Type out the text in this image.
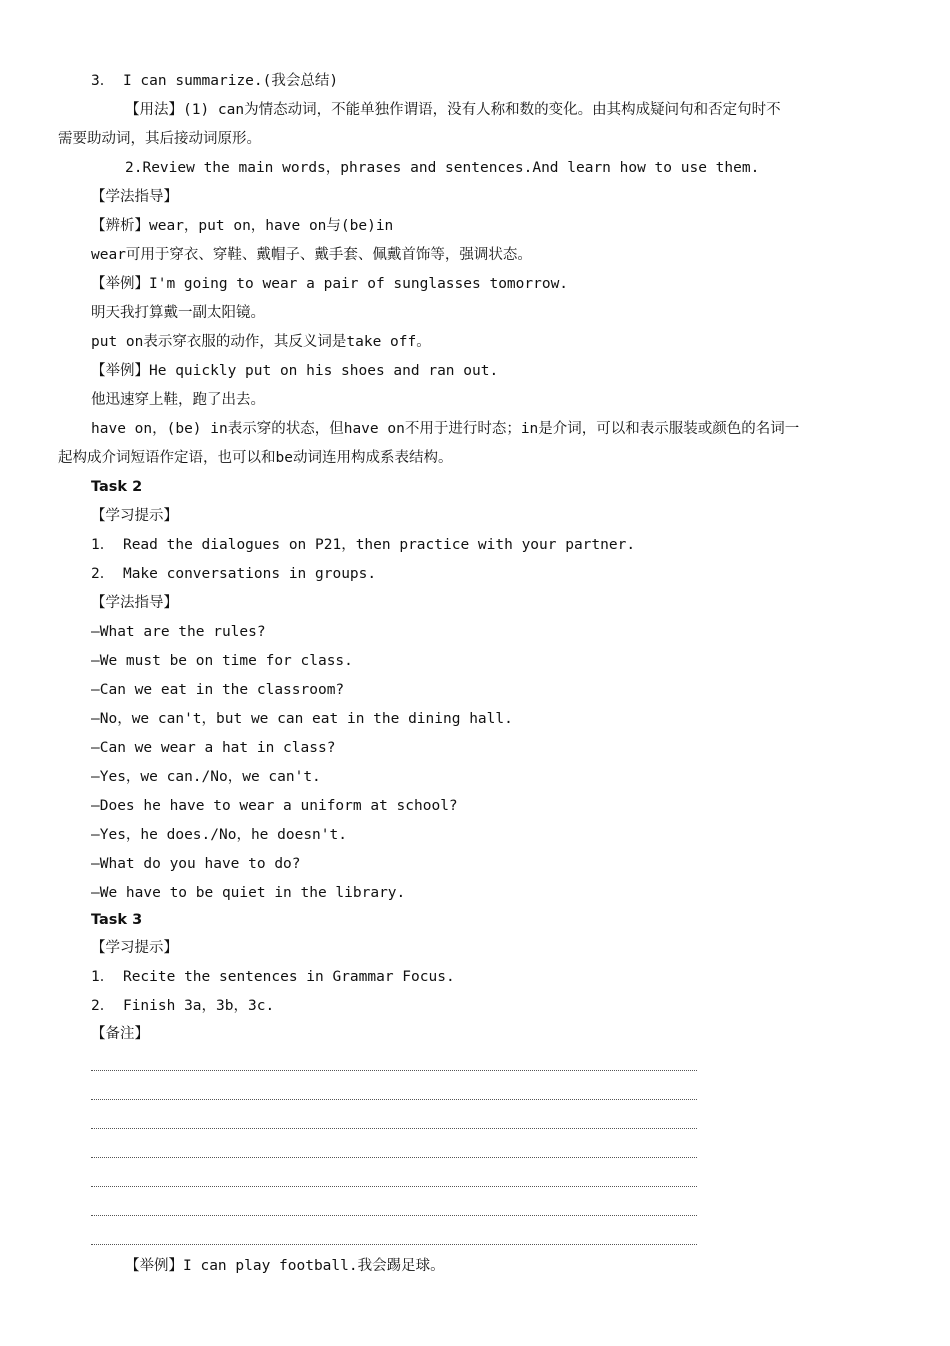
3． I can summarize.(我会总结)
【用法】(1) can为情态动词，不能单独作谓语，没有人称和数的变化。由其构成疑问句和否定句时不
需要助动词，其后接动词原形。
2.Review the main words，phrases and sentences.And learn how to use them.
【学法指导】
【辨析】wear，put on，have on与(be)in
wear可用于穿衣、穿鞋、戴帽子、戴手套、佩戴首饰等，强调状态。
【举例】I'm going to wear a pair of sunglasses tomorrow.
明天我打算戴一副太阳镜。
put on表示穿衣服的动作，其反义词是take off。
【举例】He quickly put on his shoes and ran out.
他迅速穿上鞋，跑了出去。
have on，(be) in表示穿的状态，但have on不用于进行时态；in是介词，可以和表示服装或颜色的名词一
起构成介词短语作定语，也可以和be动词连用构成系表结构。
Task 2
【学习提示】
1． Read the dialogues on P21，then practice with your partner.
2． Make conversations in groups.
【学法指导】
—What are the rules?
—We must be on time for class.
—Can we eat in the classroom?
—No，we can't，but we can eat in the dining hall.
—Can we wear a hat in class?
—Yes，we can./No，we can't.
—Does he have to wear a uniform at school?
—Yes，he does./No，he doesn't.
—What do you have to do?
—We have to be quiet in the library.
Task 3
【学习提示】
1． Recite the sentences in Grammar Focus.
2． Finish 3a，3b，3c.
【备注】
【举例】I can play football.我会踢足球。
